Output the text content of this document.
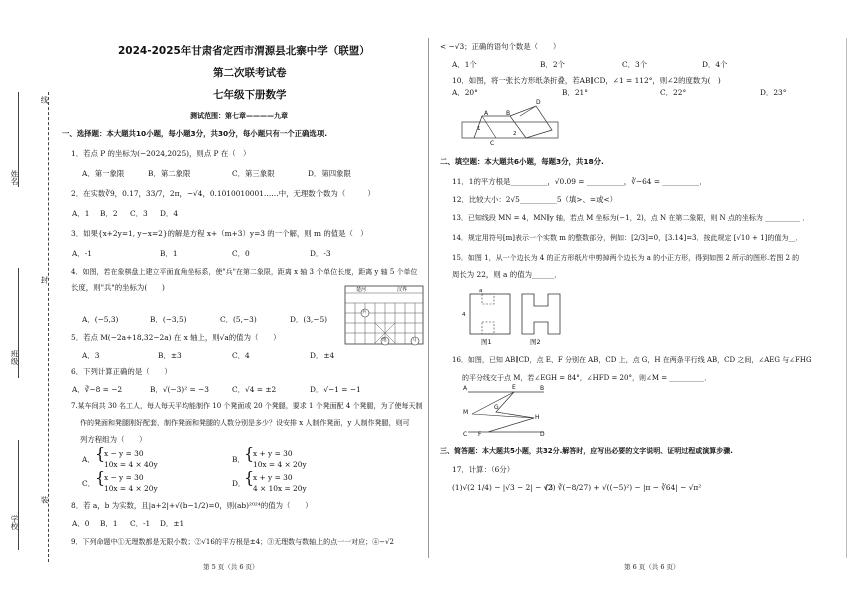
线
封
装
姓名
班级
学校
2024-2025年甘肃省定西市渭源县北寨中学（联盟）
第二次联考试卷
七年级下册数学
测试范围：第七章————九章
一、选择题：本大题共10小题，每小题3分，共30分，每小题只有一个正确选项.
1．若点 P 的坐标为(−2024,2025)，则点 P 在（　）
A．第一象限	B．第二象限	C．第三象限	D．第四象限
2．在实数∛9，0.17，33/7，2π，−√4，0.1010010001……中，无理数个数为（　　　）
A．1 B．2 C．3 D．4
3．如果{x+2y=1, y−x=2}的解是方程 x+（m+3）y=3 的一个解，则 m 的值是（　）
A．-1	B．1	C．0	D．-3
4．如图，若在象棋盘上建立平面直角坐标系，使"兵"在第二象限，距离 x 轴 3 个单位长度，距离 y 轴 5 个单位
长度，则"兵"的坐标为(　　)	楚河	汉界
兵
炮	马
A．(−5,3)	B．(−3,5)	C．(5,−3)	D．(3,−5)
5．若点 M(−2a+18,32−2a) 在 x 轴上，则√a的值为（　　）
A．3	B．±3	C．4	D．±4
6．下列计算正确的是（　　）
A．∛−8 = −2	B．√(−3)² = −3	C．√4 = ±2	D．√−1 = −1
7.某车间共 30 名工人，每人每天平均能制作 10 个凳面或 20 个凳腿，要求 1 个凳面配 4 个凳腿，为了使每天制
作的凳面和凳腿刚好配套，制作凳面和凳腿的人数分别是多少？设安排 x 人制作凳面，y 人制作凳腿，则可
列方程组为（　　）
A． {
x − y = 30
10x = 4 × 40y
B． {
x + y = 30
10x = 4 × 20y
C． {
x − y = 30
10x = 4 × 20y
D．
{
x + y = 30
4 × 10x = 20y
8．若 a，b 为实数，且|a+2|+√(b−1/2)=0，则(ab)²⁰²⁴的值为（　　）
A．0 B．1 C．-1 D．±1
9．下列命题中①无理数都是无限小数；②√16的平方根是±4；③无理数与数轴上的点一一对应；④−√2
第 5 页（共 6 页）
< −√3；正确的语句个数是（　　）
A．1个	B．2个	C．3个	D．4个
10．如图，将一张长方形纸条折叠，若AB∥CD，∠1 = 112°，则∠2的度数为(　)
A．20°	B．21°	C．22°	D．23°
A	B
C
D
1
2
二、填空题：本大题共6小题，每题3分，共18分.
11．1的平方根是__________，√0.09 = __________，∛−64 = __________．
12．比较大小：2√5__________5（填>、=或<）
13．已知线段 MN = 4，MN∥y 轴，若点 M 坐标为(−1，2)，点 N 在第二象限，则 N 点的坐标为 __________ ．
14．规定用符号[m]表示一个实数 m 的整数部分，例如：[2/3]=0，[3.14]=3．按此规定 [√10 + 1]的值为__．
15．如图 1，从一个边长为 4 的正方形纸片中剪掉两个边长为 a 的小正方形，得到如图 2 所示的图形.若图 2 的
周长为 22，则 a 的值为______．
a
4
图1	图2
16．如图，已知 AB∥CD，点 E、F 分别在 AB，CD 上，点 G，H 在两条平行线 AB，CD 之间，∠AEG 与∠FHG
的平分线交于点 M，若∠EGH = 84°，∠HFD = 20°，则∠M = __________．
A	B
E
M
G
H
C F	D
三、简答题：本大题共5小题，共32分.解答时，应写出必要的文字说明、证明过程或演算步骤.
17．计算：（6分）
(1)√(2 1/4) − |√3 − 2| − √3
(2) ∛(−8/27) + √((−5)²) − |π − ∛64| − √π²
第 6 页（共 6 页）
